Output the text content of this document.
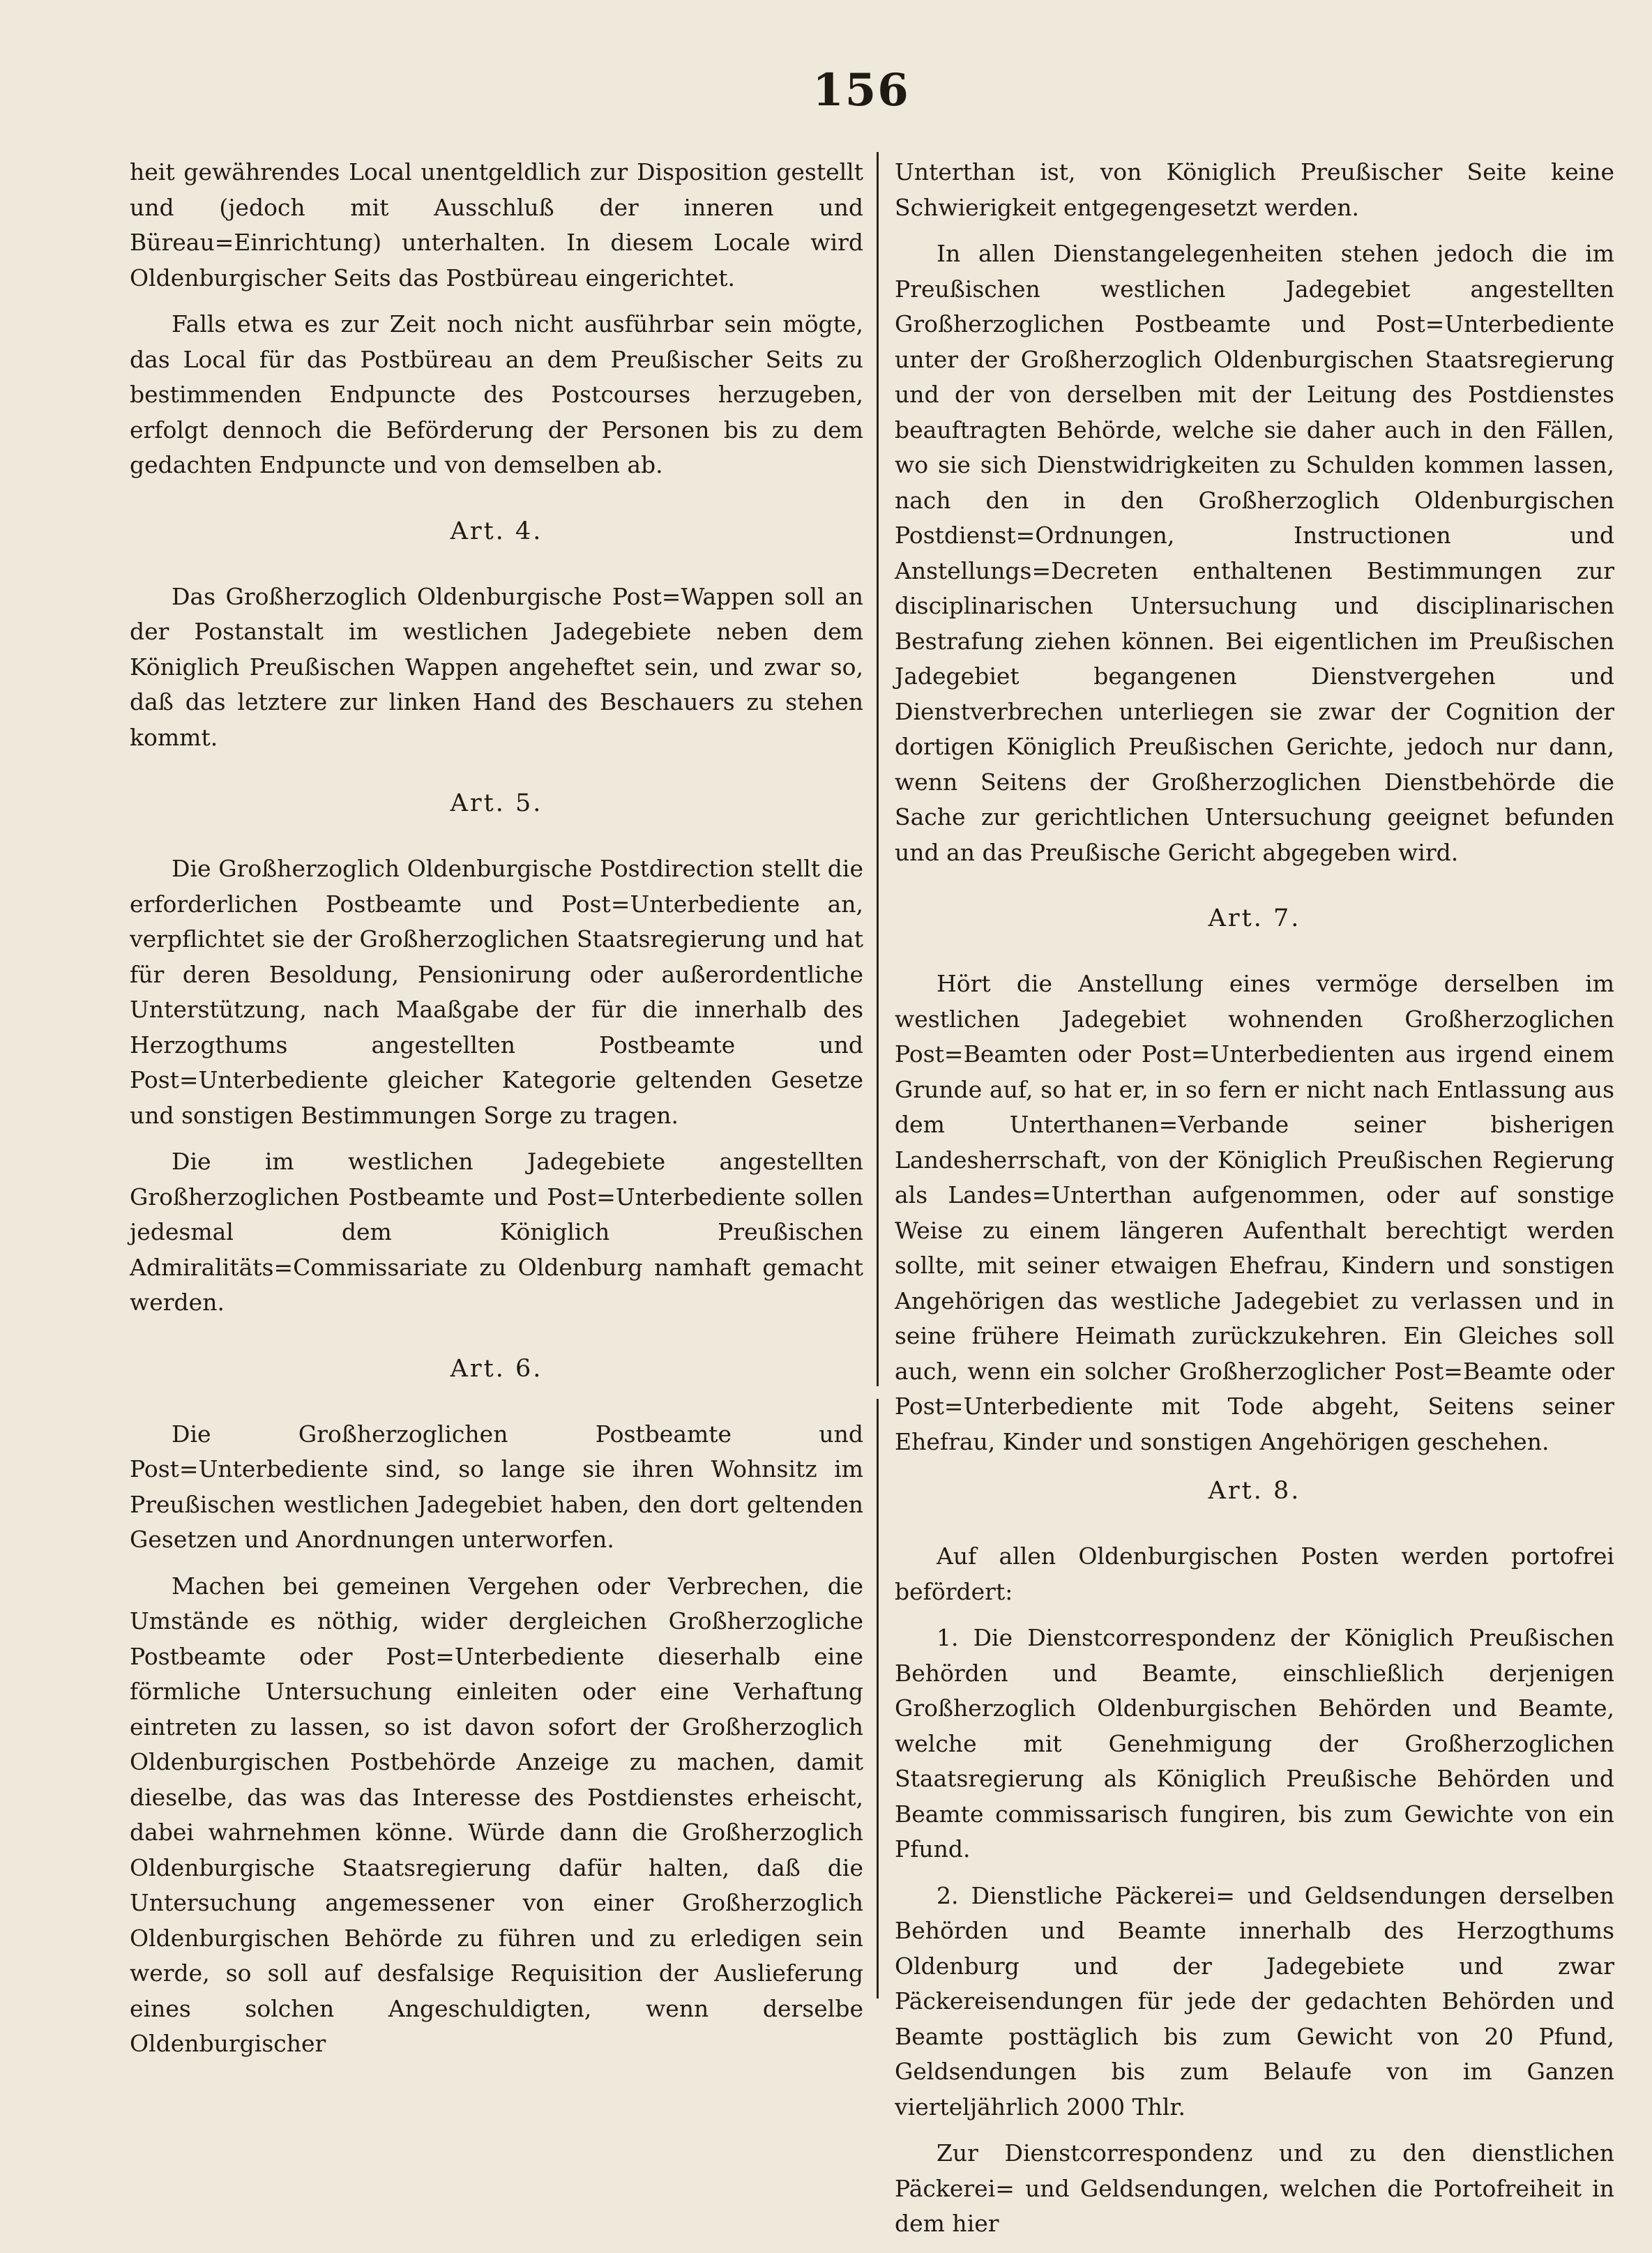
156

heit gewährendes Local unentgeldlich zur Disposition gestellt und (jedoch mit Ausschluß der inneren und Büreau=Einrichtung) unterhalten. In diesem Locale wird Oldenburgischer Seits das Postbüreau eingerichtet.

Falls etwa es zur Zeit noch nicht ausführbar sein mögte, das Local für das Postbüreau an dem Preußischer Seits zu bestimmenden Endpuncte des Postcourses herzugeben, erfolgt dennoch die Beförderung der Personen bis zu dem gedachten Endpuncte und von demselben ab.

Art. 4.

Das Großherzoglich Oldenburgische Post=Wappen soll an der Postanstalt im westlichen Jadegebiete neben dem Königlich Preußischen Wappen angeheftet sein, und zwar so, daß das letztere zur linken Hand des Beschauers zu stehen kommt.

Art. 5.

Die Großherzoglich Oldenburgische Postdirection stellt die erforderlichen Postbeamte und Post=Unterbediente an, verpflichtet sie der Großherzoglichen Staatsregierung und hat für deren Besoldung, Pensionirung oder außerordentliche Unterstützung, nach Maaßgabe der für die innerhalb des Herzogthums angestellten Postbeamte und Post=Unterbediente gleicher Kategorie geltenden Gesetze und sonstigen Bestimmungen Sorge zu tragen.

Die im westlichen Jadegebiete angestellten Großherzoglichen Postbeamte und Post=Unterbediente sollen jedesmal dem Königlich Preußischen Admiralitäts=Commissariate zu Oldenburg namhaft gemacht werden.

Art. 6.

Die Großherzoglichen Postbeamte und Post=Unterbediente sind, so lange sie ihren Wohnsitz im Preußischen westlichen Jadegebiet haben, den dort geltenden Gesetzen und Anordnungen unterworfen.

Machen bei gemeinen Vergehen oder Verbrechen, die Umstände es nöthig, wider dergleichen Großherzogliche Postbeamte oder Post=Unterbediente dieserhalb eine förmliche Untersuchung einleiten oder eine Verhaftung eintreten zu lassen, so ist davon sofort der Großherzoglich Oldenburgischen Postbehörde Anzeige zu machen, damit dieselbe, das was das Interesse des Postdienstes erheischt, dabei wahrnehmen könne. Würde dann die Großherzoglich Oldenburgische Staatsregierung dafür halten, daß die Untersuchung angemessener von einer Großherzoglich Oldenburgischen Behörde zu führen und zu erledigen sein werde, so soll auf desfalsige Requisition der Auslieferung eines solchen Angeschuldigten, wenn derselbe Oldenburgischer

Unterthan ist, von Königlich Preußischer Seite keine Schwierigkeit entgegengesetzt werden.

In allen Dienstangelegenheiten stehen jedoch die im Preußischen westlichen Jadegebiet angestellten Großherzoglichen Postbeamte und Post=Unterbediente unter der Großherzoglich Oldenburgischen Staatsregierung und der von derselben mit der Leitung des Postdienstes beauftragten Behörde, welche sie daher auch in den Fällen, wo sie sich Dienstwidrigkeiten zu Schulden kommen lassen, nach den in den Großherzoglich Oldenburgischen Postdienst=Ordnungen, Instructionen und Anstellungs=Decreten enthaltenen Bestimmungen zur disciplinarischen Untersuchung und disciplinarischen Bestrafung ziehen können. Bei eigentlichen im Preußischen Jadegebiet begangenen Dienstvergehen und Dienstverbrechen unterliegen sie zwar der Cognition der dortigen Königlich Preußischen Gerichte, jedoch nur dann, wenn Seitens der Großherzoglichen Dienstbehörde die Sache zur gerichtlichen Untersuchung geeignet befunden und an das Preußische Gericht abgegeben wird.

Art. 7.

Hört die Anstellung eines vermöge derselben im westlichen Jadegebiet wohnenden Großherzoglichen Post=Beamten oder Post=Unterbedienten aus irgend einem Grunde auf, so hat er, in so fern er nicht nach Entlassung aus dem Unterthanen=Verbande seiner bisherigen Landesherrschaft, von der Königlich Preußischen Regierung als Landes=Unterthan aufgenommen, oder auf sonstige Weise zu einem längeren Aufenthalt berechtigt werden sollte, mit seiner etwaigen Ehefrau, Kindern und sonstigen Angehörigen das westliche Jadegebiet zu verlassen und in seine frühere Heimath zurückzukehren. Ein Gleiches soll auch, wenn ein solcher Großherzoglicher Post=Beamte oder Post=Unterbediente mit Tode abgeht, Seitens seiner Ehefrau, Kinder und sonstigen Angehörigen geschehen.

Art. 8.

Auf allen Oldenburgischen Posten werden portofrei befördert:

1. Die Dienstcorrespondenz der Königlich Preußischen Behörden und Beamte, einschließlich derjenigen Großherzoglich Oldenburgischen Behörden und Beamte, welche mit Genehmigung der Großherzoglichen Staatsregierung als Königlich Preußische Behörden und Beamte commissarisch fungiren, bis zum Gewichte von ein Pfund.

2. Dienstliche Päckerei= und Geldsendungen derselben Behörden und Beamte innerhalb des Herzogthums Oldenburg und der Jadegebiete und zwar Päckereisendungen für jede der gedachten Behörden und Beamte posttäglich bis zum Gewicht von 20 Pfund, Geldsendungen bis zum Belaufe von im Ganzen vierteljährlich 2000 Thlr.

Zur Dienstcorrespondenz und zu den dienstlichen Päckerei= und Geldsendungen, welchen die Portofreiheit in dem hier
